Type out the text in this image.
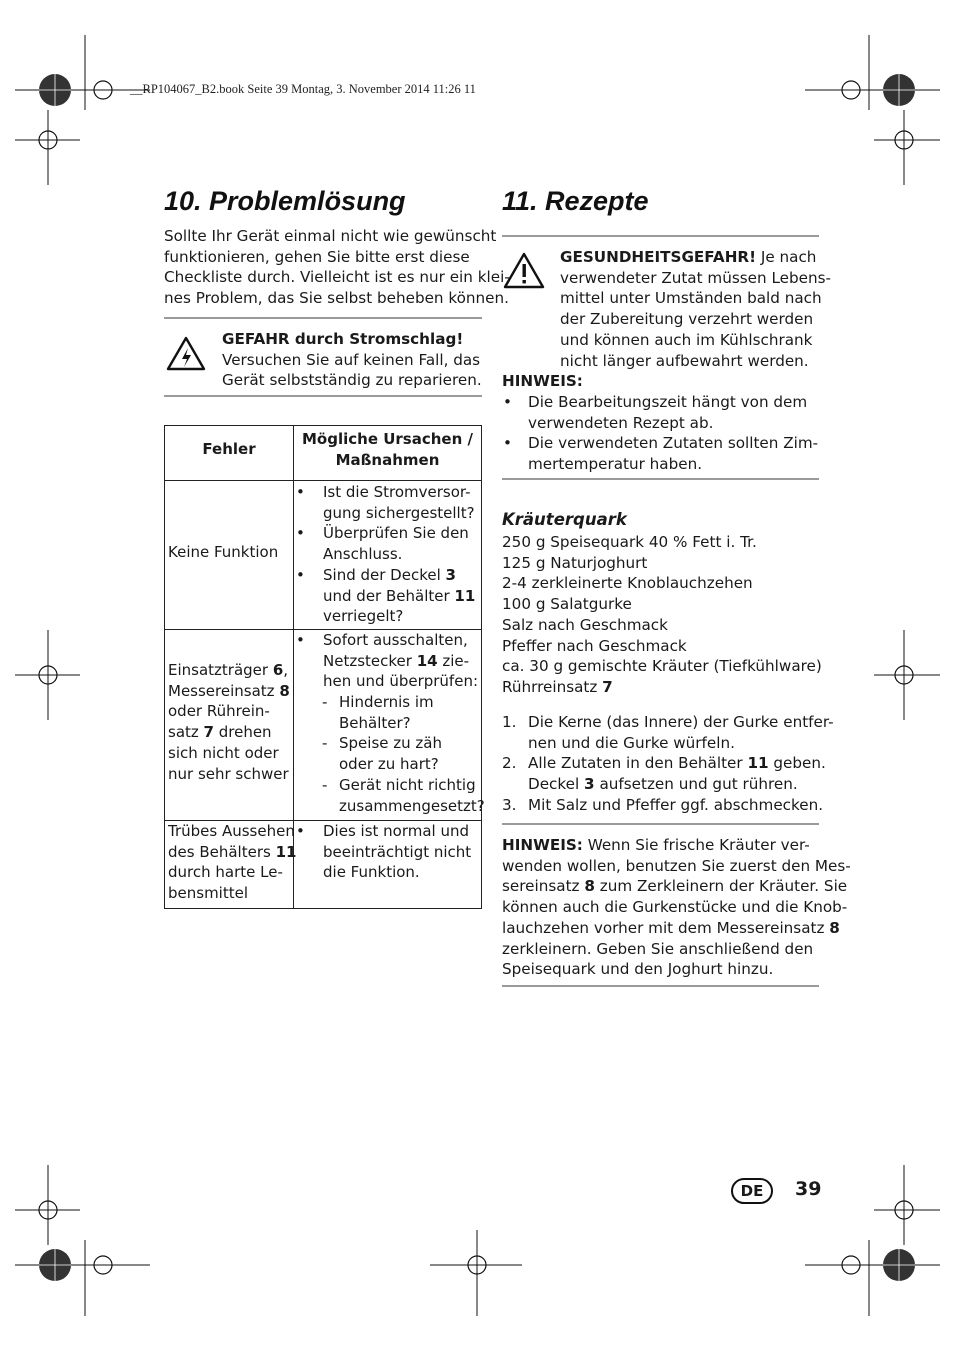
__RP104067_B2.book Seite 39 Montag, 3. November 2014 11:26 11
10. Problemlösung
Sollte Ihr Gerät einmal nicht wie gewünscht
funktionieren, gehen Sie bitte erst diese
Checkliste durch. Vielleicht ist es nur ein klei-
nes Problem, das Sie selbst beheben können.
GEFAHR durch Stromschlag!
Versuchen Sie auf keinen Fall, das
Gerät selbstständig zu reparieren.
Fehler
Mögliche Ursachen /
Maßnahmen
Keine Funktion
•

•

•
Ist die Stromversor-
gung sichergestellt?
Überprüfen Sie den
Anschluss.
Sind der Deckel 3
und der Behälter 11
verriegelt?
Einsatzträger 6,
Messereinsatz 8
oder Rührein-
satz 7 drehen
sich nicht oder
nur sehr schwer
• Sofort ausschalten,
Netzstecker 14 zie-
hen und überprüfen:
-

-

-
Hindernis im
Behälter?
Speise zu zäh
oder zu hart?
Gerät nicht richtig
zusammengesetzt?
Trübes Aussehen
des Behälters 11
durch harte Le-
bensmittel
• Dies ist normal und
beeinträchtigt nicht
die Funktion.
11. Rezepte
GESUNDHEITSGEFAHR! Je nach
verwendeter Zutat müssen Lebens-
mittel unter Umständen bald nach
der Zubereitung verzehrt werden
und können auch im Kühlschrank
nicht länger aufbewahrt werden.
HINWEIS:
•

•
Die Bearbeitungszeit hängt von dem
verwendeten Rezept ab.
Die verwendeten Zutaten sollten Zim-
mertemperatur haben.
Kräuterquark
250 g Speisequark 40 % Fett i. Tr.
125 g Naturjoghurt
2-4 zerkleinerte Knoblauchzehen
100 g Salatgurke
Salz nach Geschmack
Pfeffer nach Geschmack
ca. 30 g gemischte Kräuter (Tiefkühlware)
Rührreinsatz 7
1.

2.

3.
Die Kerne (das Innere) der Gurke entfer-
nen und die Gurke würfeln.
Alle Zutaten in den Behälter 11 geben.
Deckel 3 aufsetzen und gut rühren.
Mit Salz und Pfeffer ggf. abschmecken.
HINWEIS: Wenn Sie frische Kräuter ver-
wenden wollen, benutzen Sie zuerst den Mes-
sereinsatz 8 zum Zerkleinern der Kräuter. Sie
können auch die Gurkenstücke und die Knob-
lauchzehen vorher mit dem Messereinsatz 8
zerkleinern. Geben Sie anschließend den
Speisequark und den Joghurt hinzu.
DE	39
